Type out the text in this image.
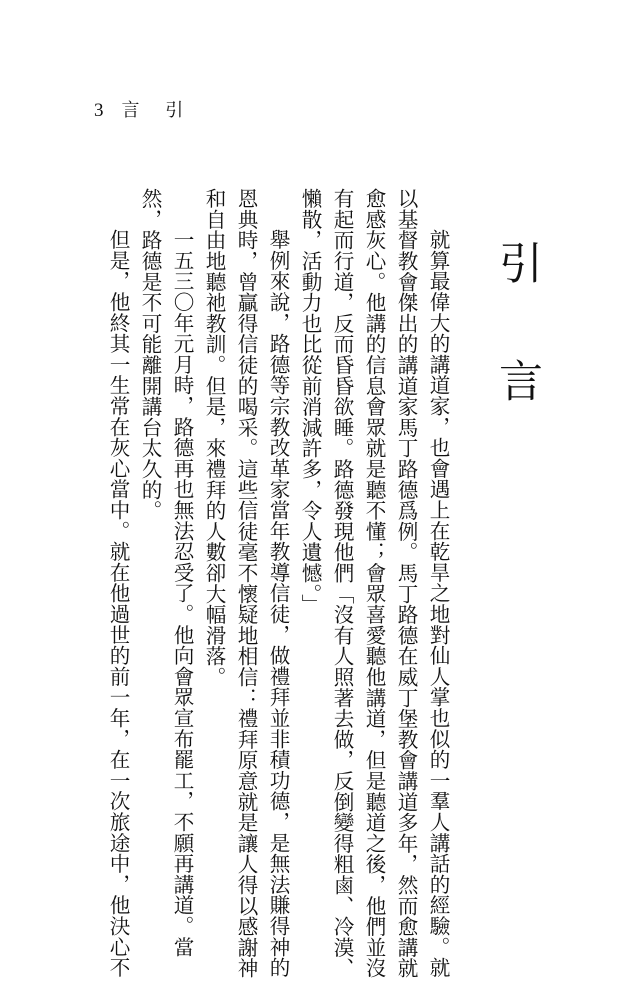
3 言 引
引 言
就算最偉大的講道家，也會遇上在乾旱之地對仙人掌也似的一羣人講話的經驗。就
以基督教會傑出的講道家馬丁路德爲例。馬丁路德在威丁堡教會講道多年，然而愈講就
愈感灰心。他講的信息會眾就是聽不懂；會眾喜愛聽他講道，但是聽道之後，他們並沒
有起而行道，反而昏昏欲睡。路德發現他們「沒有人照著去做，反倒變得粗鹵、冷漠、
懶散，活動力也比從前消減許多，令人遺憾。」
舉例來說，路德等宗教改革家當年教導信徒，做禮拜並非積功德，是無法賺得神的
恩典時，曾贏得信徒的喝采。這些信徒毫不懷疑地相信：禮拜原意就是讓人得以感謝神
和自由地聽祂教訓。但是，來禮拜的人數卻大幅滑落。
一五三〇年元月時，路德再也無法忍受了。他向會眾宣布罷工，不願再講道。當
然，路德是不可能離開講台太久的。
但是，他終其一生常在灰心當中。就在他過世的前一年，在一次旅途中，他決心不
